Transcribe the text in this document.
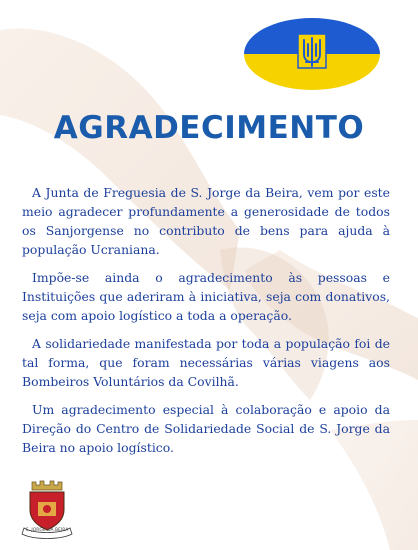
AGRADECIMENTO

A Junta de Freguesia de S. Jorge da Beira, vem por este meio agradecer profundamente a generosidade de todos os Sanjorgense no contributo de bens para ajuda à população Ucraniana.

Impõe-se ainda o agradecimento às pessoas e Instituições que aderiram à iniciativa, seja com donativos, seja com apoio logístico a toda a operação.

A solidariedade manifestada por toda a população foi de tal forma, que foram necessárias várias viagens aos Bombeiros Voluntários da Covilhã.

Um agradecimento especial à colaboração e apoio da Direção do Centro de Solidariedade Social de S. Jorge da Beira no apoio logístico.

S. JORGE DA BEIRA
